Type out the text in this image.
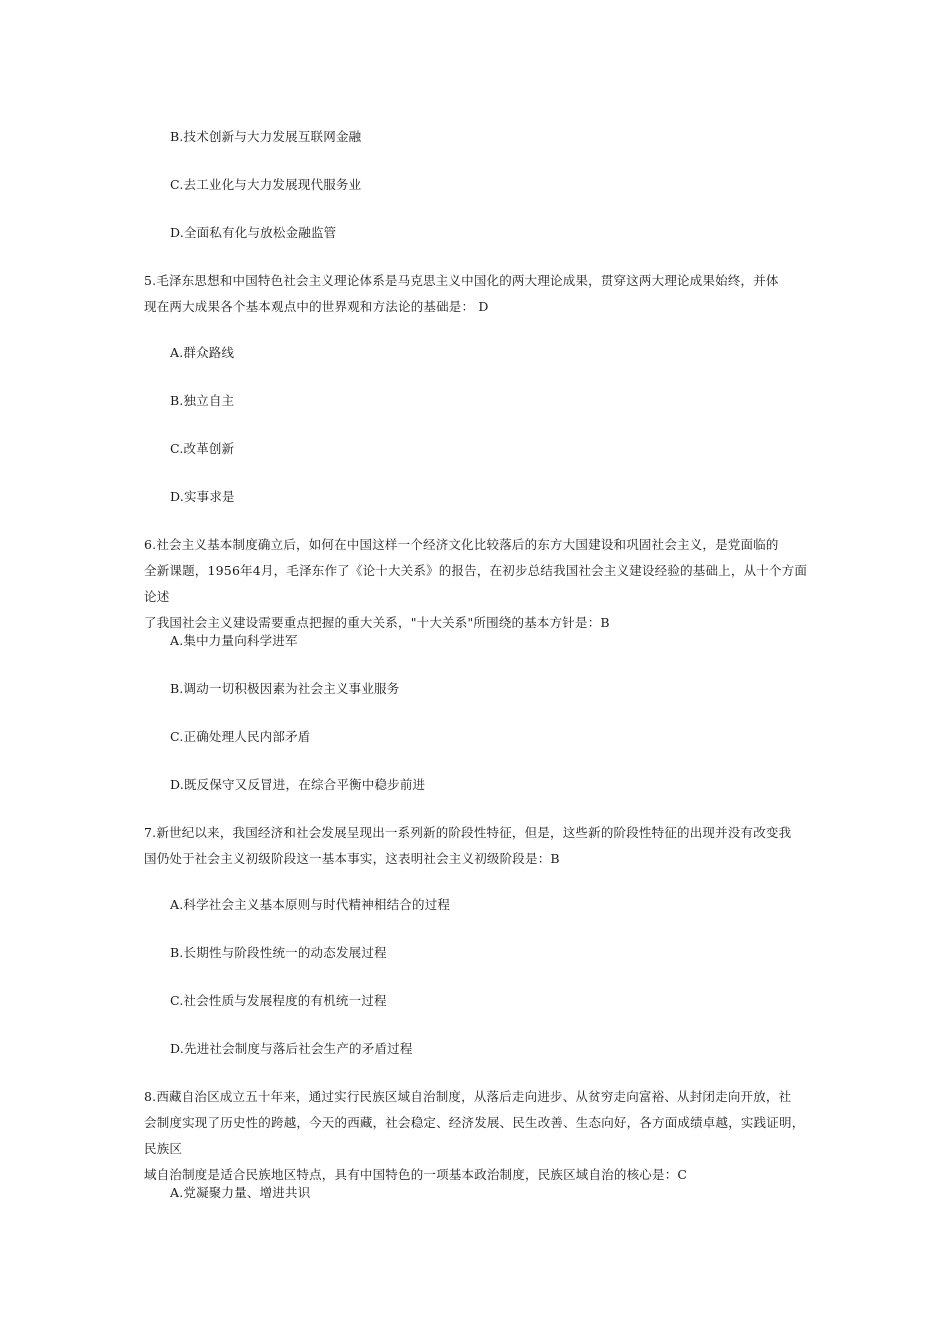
B.技术创新与大力发展互联网金融
C.去工业化与大力发展现代服务业
D.全面私有化与放松金融监管
5.毛泽东思想和中国特色社会主义理论体系是马克思主义中国化的两大理论成果，贯穿这两大理论成果始终，并体
现在两大成果各个基本观点中的世界观和方法论的基础是： D
A.群众路线
B.独立自主
C.改革创新
D.实事求是
6.社会主义基本制度确立后，如何在中国这样一个经济文化比较落后的东方大国建设和巩固社会主义，是党面临的
全新课题，1956年4月，毛泽东作了《论十大关系》的报告，在初步总结我国社会主义建设经验的基础上，从十个方面论述
了我国社会主义建设需要重点把握的重大关系，"十大关系"所围绕的基本方针是：B
A.集中力量向科学进军
B.调动一切积极因素为社会主义事业服务
C.正确处理人民内部矛盾
D.既反保守又反冒进，在综合平衡中稳步前进
7.新世纪以来，我国经济和社会发展呈现出一系列新的阶段性特征，但是，这些新的阶段性特征的出现并没有改变我
国仍处于社会主义初级阶段这一基本事实，这表明社会主义初级阶段是：B
A.科学社会主义基本原则与时代精神相结合的过程
B.长期性与阶段性统一的动态发展过程
C.社会性质与发展程度的有机统一过程
D.先进社会制度与落后社会生产的矛盾过程
8.西藏自治区成立五十年来，通过实行民族区域自治制度，从落后走向进步、从贫穷走向富裕、从封闭走向开放，社
会制度实现了历史性的跨越，今天的西藏，社会稳定、经济发展、民生改善、生态向好，各方面成绩卓越，实践证明，民族区
域自治制度是适合民族地区特点，具有中国特色的一项基本政治制度，民族区域自治的核心是：C
A.党凝聚力量、增进共识
